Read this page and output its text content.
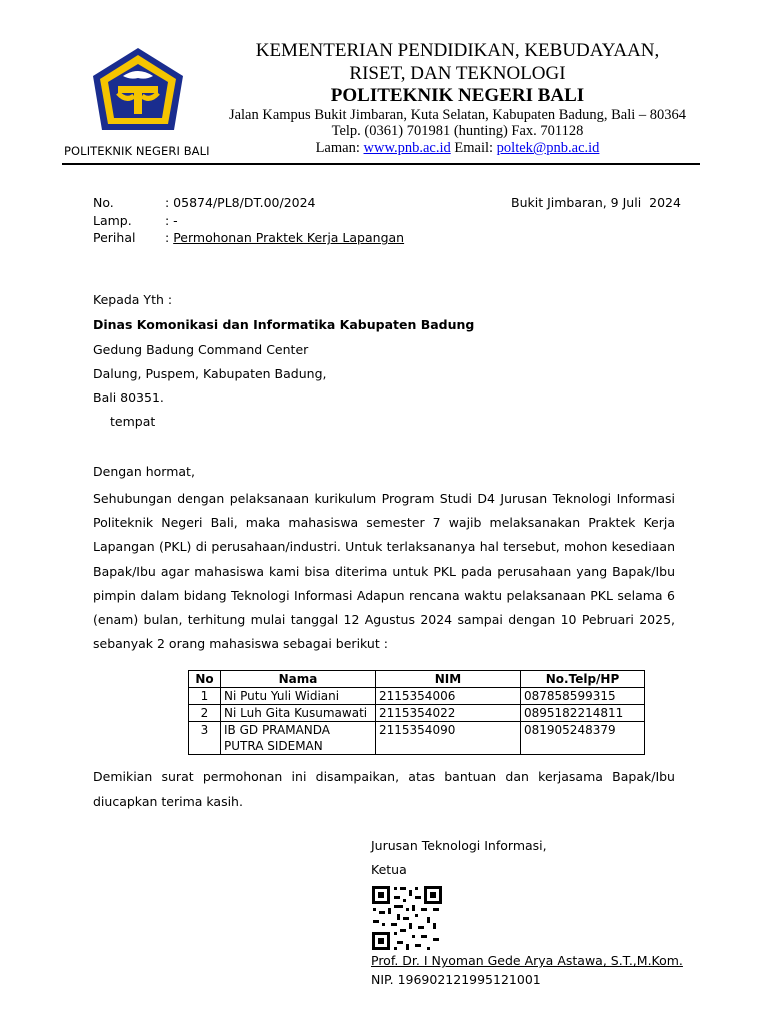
POLITEKNIK NEGERI BALI
KEMENTERIAN PENDIDIKAN, KEBUDAYAAN,
RISET, DAN TEKNOLOGI
POLITEKNIK NEGERI BALI
Jalan Kampus Bukit Jimbaran, Kuta Selatan, Kabupaten Badung, Bali – 80364
Telp. (0361) 701981 (hunting) Fax. 701128
Laman: www.pnb.ac.id Email: poltek@pnb.ac.id
No.	: 05874/PL8/DT.00/2024
Lamp.	: -
Perihal : Permohonan Praktek Kerja Lapangan
Bukit Jimbaran, 9 Juli  2024
Kepada Yth :
Dinas Komonikasi dan Informatika Kabupaten Badung
Gedung Badung Command Center
Dalung, Puspem, Kabupaten Badung,
Bali 80351.
tempat
Dengan hormat,
Sehubungan dengan pelaksanaan kurikulum Program Studi D4 Jurusan Teknologi Informasi Politeknik Negeri Bali, maka mahasiswa semester 7 wajib melaksanakan Praktek Kerja Lapangan (PKL) di perusahaan/industri. Untuk terlaksananya hal tersebut, mohon kesediaan Bapak/Ibu agar mahasiswa kami bisa diterima untuk PKL pada perusahaan yang Bapak/Ibu pimpin dalam bidang Teknologi Informasi Adapun rencana waktu pelaksanaan PKL selama 6 (enam) bulan, terhitung mulai tanggal 12 Agustus 2024 sampai dengan 10 Pebruari 2025, sebanyak 2 orang mahasiswa sebagai berikut :
No	Nama	NIM	No.Telp/HP
1	Ni Putu Yuli Widiani	2115354006	087858599315
2	Ni Luh Gita Kusumawati	2115354022	0895182214811
3	IB GD PRAMANDA PUTRA SIDEMAN	2115354090	081905248379
Demikian surat permohonan ini disampaikan, atas bantuan dan kerjasama Bapak/Ibu diucapkan terima kasih.
Jurusan Teknologi Informasi,
Ketua
Prof. Dr. I Nyoman Gede Arya Astawa, S.T.,M.Kom.
NIP. 196902121995121001
